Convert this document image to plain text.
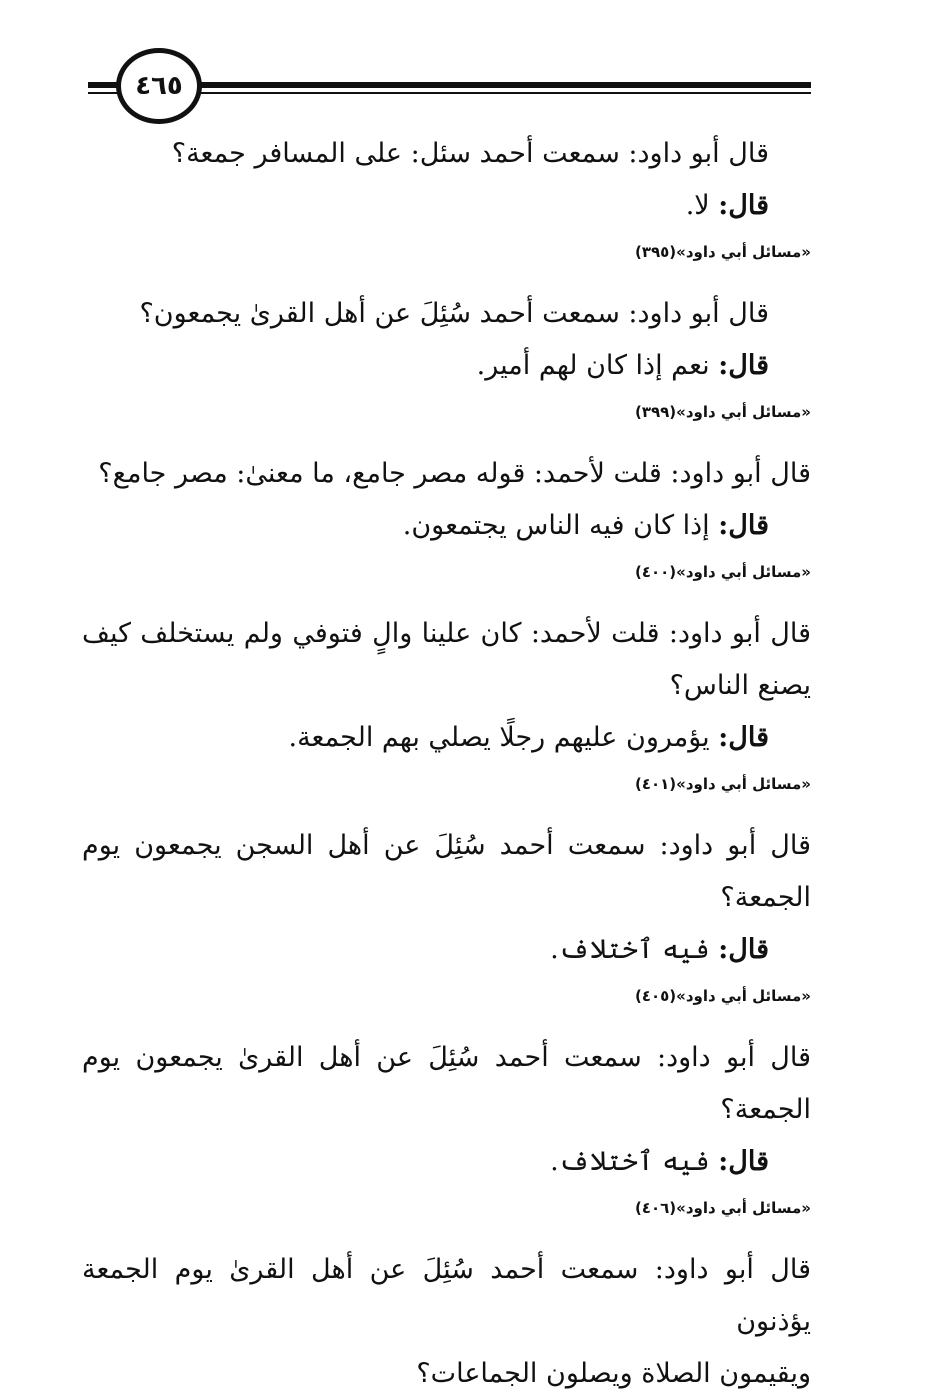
٤٦٥
قال أبو داود: سمعت أحمد سئل: على المسافر جمعة؟
قال: لا.
(٣٩٥) «مسائل أبي داود»
قال أبو داود: سمعت أحمد سُئِلَ عن أهل القرىٰ يجمعون؟
قال: نعم إذا كان لهم أمير.
(٣٩٩) «مسائل أبي داود»
قال أبو داود: قلت لأحمد: قوله مصر جامع، ما معنىٰ: مصر جامع؟
قال: إذا كان فيه الناس يجتمعون.
(٤٠٠) «مسائل أبي داود»
قال أبو داود: قلت لأحمد: كان علينا والٍ فتوفي ولم يستخلف كيف
يصنع الناس؟
قال: يؤمرون عليهم رجلًا يصلي بهم الجمعة.
(٤٠١) «مسائل أبي داود»
قال أبو داود: سمعت أحمد سُئِلَ عن أهل السجن يجمعون يوم
الجمعة؟
قال: فيه ٱختلاف.
(٤٠٥) «مسائل أبي داود»
قال أبو داود: سمعت أحمد سُئِلَ عن أهل القرىٰ يجمعون يوم
الجمعة؟
قال: فيه ٱختلاف.
(٤٠٦) «مسائل أبي داود»
قال أبو داود: سمعت أحمد سُئِلَ عن أهل القرىٰ يوم الجمعة يؤذنون
ويقيمون الصلاة ويصلون الجماعات؟
